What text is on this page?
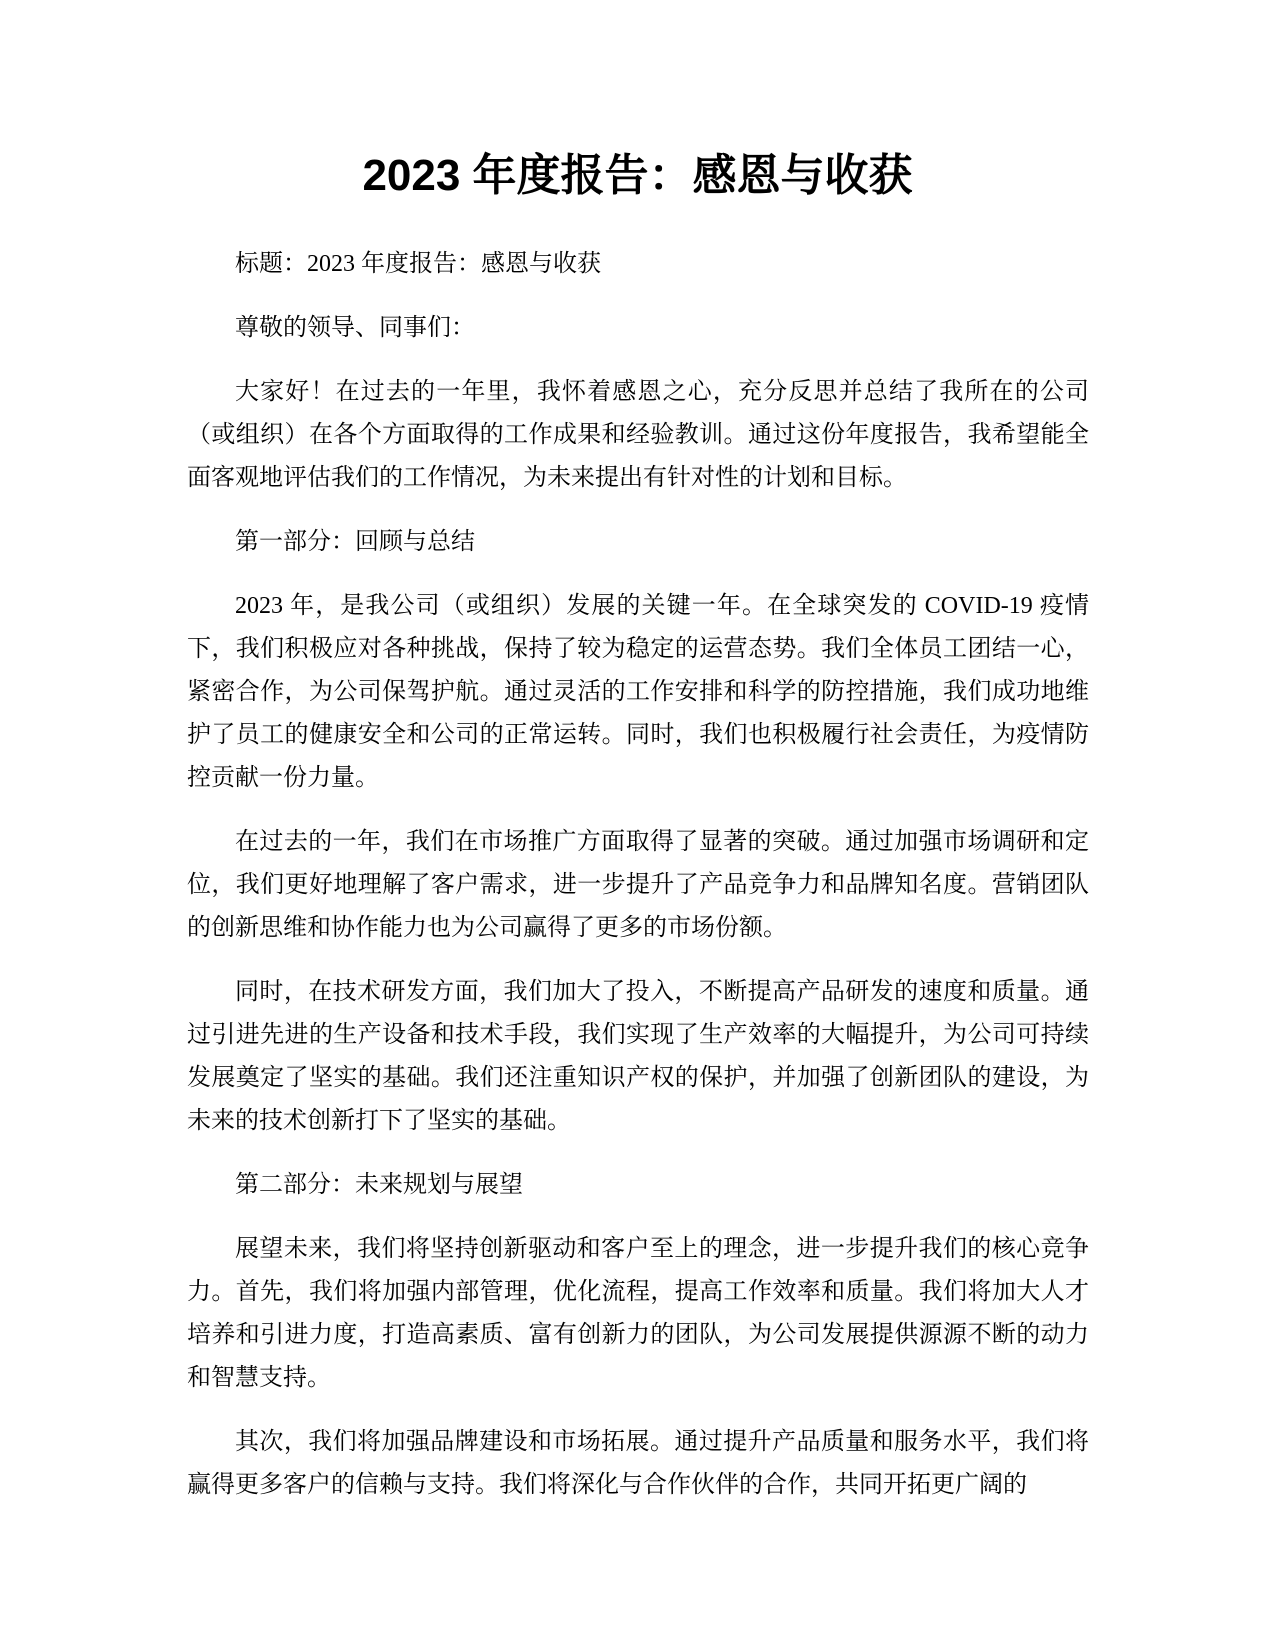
2023 年度报告：感恩与收获

标题：2023 年度报告：感恩与收获

尊敬的领导、同事们：

大家好！在过去的一年里，我怀着感恩之心，充分反思并总结了我所在的公司（或组织）在各个方面取得的工作成果和经验教训。通过这份年度报告，我希望能全面客观地评估我们的工作情况，为未来提出有针对性的计划和目标。

第一部分：回顾与总结

2023 年，是我公司（或组织）发展的关键一年。在全球突发的 COVID-19 疫情下，我们积极应对各种挑战，保持了较为稳定的运营态势。我们全体员工团结一心，紧密合作，为公司保驾护航。通过灵活的工作安排和科学的防控措施，我们成功地维护了员工的健康安全和公司的正常运转。同时，我们也积极履行社会责任，为疫情防控贡献一份力量。

在过去的一年，我们在市场推广方面取得了显著的突破。通过加强市场调研和定位，我们更好地理解了客户需求，进一步提升了产品竞争力和品牌知名度。营销团队的创新思维和协作能力也为公司赢得了更多的市场份额。

同时，在技术研发方面，我们加大了投入，不断提高产品研发的速度和质量。通过引进先进的生产设备和技术手段，我们实现了生产效率的大幅提升，为公司可持续发展奠定了坚实的基础。我们还注重知识产权的保护，并加强了创新团队的建设，为未来的技术创新打下了坚实的基础。

第二部分：未来规划与展望

展望未来，我们将坚持创新驱动和客户至上的理念，进一步提升我们的核心竞争力。首先，我们将加强内部管理，优化流程，提高工作效率和质量。我们将加大人才培养和引进力度，打造高素质、富有创新力的团队，为公司发展提供源源不断的动力和智慧支持。

其次，我们将加强品牌建设和市场拓展。通过提升产品质量和服务水平，我们将赢得更多客户的信赖与支持。我们将深化与合作伙伴的合作，共同开拓更广阔的
